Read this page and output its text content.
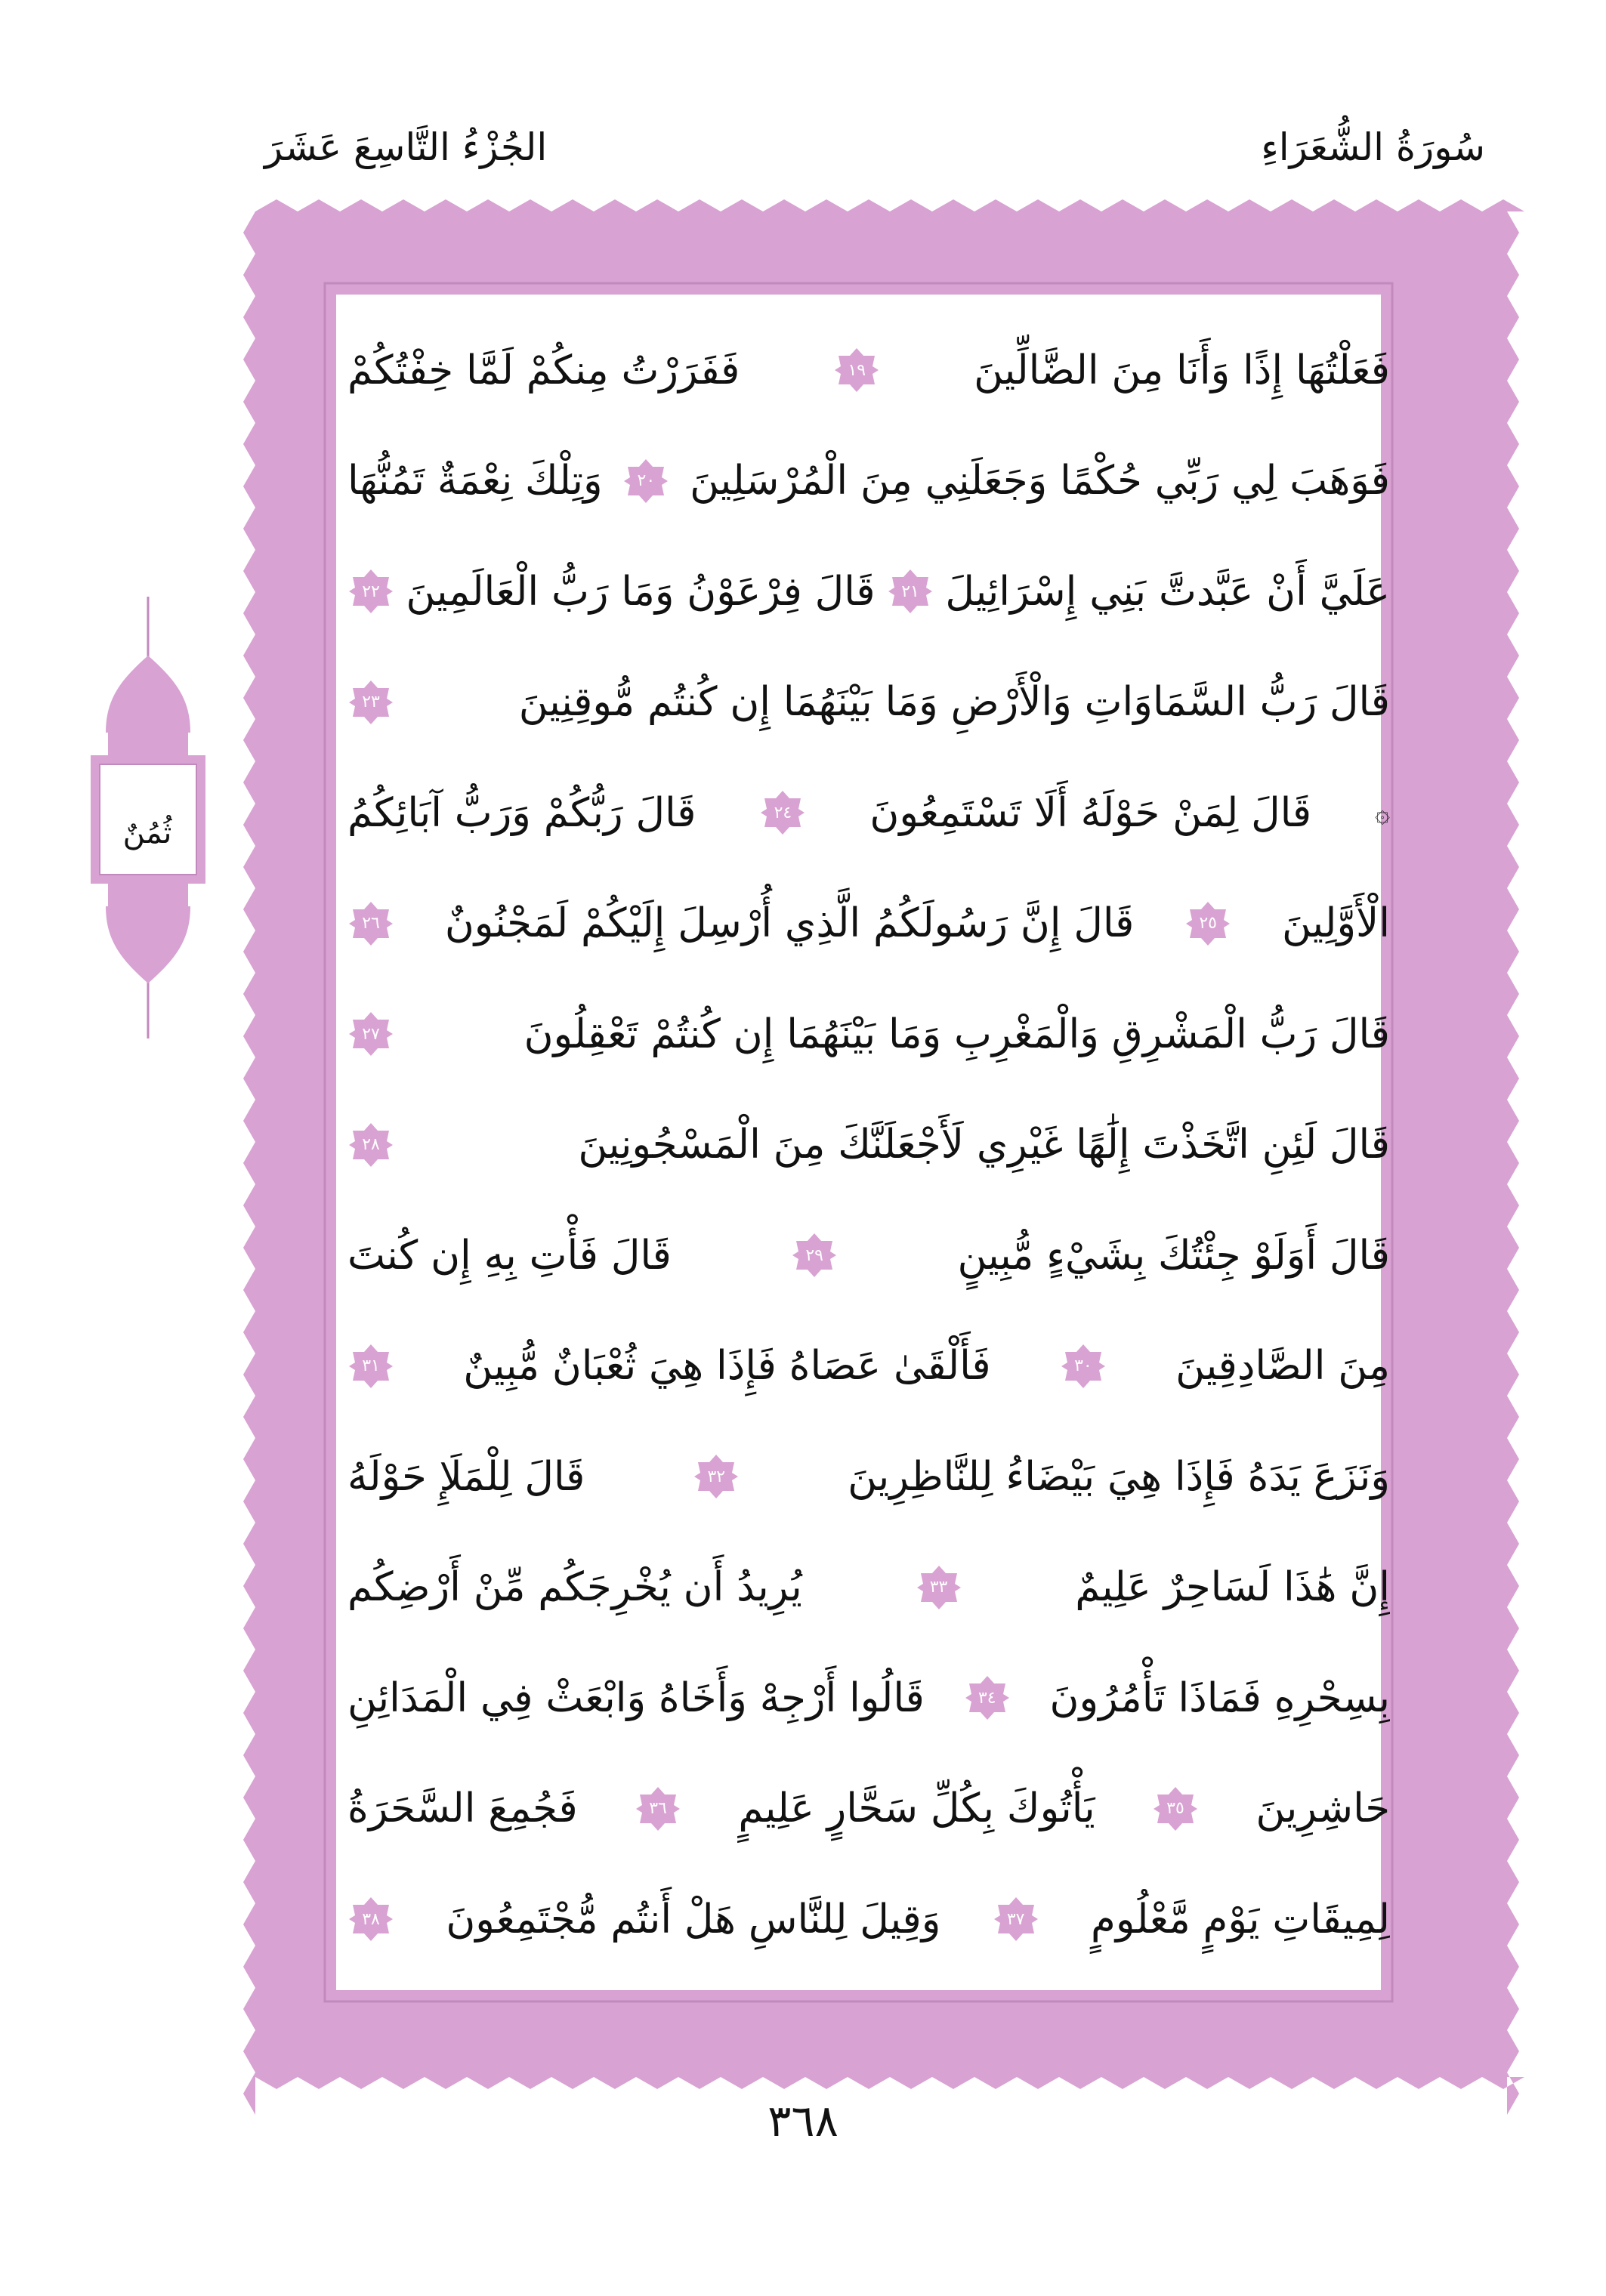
سُورَةُ الشُّعَرَاءِ
الجُزْءُ التَّاسِعَ عَشَرَ
فَعَلْتُهَا إِذًا وَأَنَا مِنَ الضَّالِّينَ
١٩
فَفَرَرْتُ مِنكُمْ لَمَّا خِفْتُكُمْ
فَوَهَبَ لِي رَبِّي حُكْمًا وَجَعَلَنِي مِنَ الْمُرْسَلِينَ
٢٠
وَتِلْكَ نِعْمَةٌ تَمُنُّهَا
عَلَيَّ أَنْ عَبَّدتَّ بَنِي إِسْرَائِيلَ
٢١
قَالَ فِرْعَوْنُ وَمَا رَبُّ الْعَالَمِينَ
٢٢
قَالَ رَبُّ السَّمَاوَاتِ وَالْأَرْضِ وَمَا بَيْنَهُمَا إِن كُنتُم مُّوقِنِينَ
٢٣
۞
قَالَ لِمَنْ حَوْلَهُ أَلَا تَسْتَمِعُونَ
٢٤
قَالَ رَبُّكُمْ وَرَبُّ آبَائِكُمُ
الْأَوَّلِينَ
٢٥
قَالَ إِنَّ رَسُولَكُمُ الَّذِي أُرْسِلَ إِلَيْكُمْ لَمَجْنُونٌ
٢٦
قَالَ رَبُّ الْمَشْرِقِ وَالْمَغْرِبِ وَمَا بَيْنَهُمَا إِن كُنتُمْ تَعْقِلُونَ
٢٧
قَالَ لَئِنِ اتَّخَذْتَ إِلَٰهًا غَيْرِي لَأَجْعَلَنَّكَ مِنَ الْمَسْجُونِينَ
٢٨
قَالَ أَوَلَوْ جِئْتُكَ بِشَيْءٍ مُّبِينٍ
٢٩
قَالَ فَأْتِ بِهِ إِن كُنتَ
مِنَ الصَّادِقِينَ
٣٠
فَأَلْقَىٰ عَصَاهُ فَإِذَا هِيَ ثُعْبَانٌ مُّبِينٌ
٣١
وَنَزَعَ يَدَهُ فَإِذَا هِيَ بَيْضَاءُ لِلنَّاظِرِينَ
٣٢
قَالَ لِلْمَلَإِ حَوْلَهُ
إِنَّ هَٰذَا لَسَاحِرٌ عَلِيمٌ
٣٣
يُرِيدُ أَن يُخْرِجَكُم مِّنْ أَرْضِكُم
بِسِحْرِهِ فَمَاذَا تَأْمُرُونَ
٣٤
قَالُوا أَرْجِهْ وَأَخَاهُ وَابْعَثْ فِي الْمَدَائِنِ
حَاشِرِينَ
٣٥
يَأْتُوكَ بِكُلِّ سَحَّارٍ عَلِيمٍ
٣٦
فَجُمِعَ السَّحَرَةُ
لِمِيقَاتِ يَوْمٍ مَّعْلُومٍ
٣٧
وَقِيلَ لِلنَّاسِ هَلْ أَنتُم مُّجْتَمِعُونَ
٣٨
ثُمُنٌ
٣٦٨
